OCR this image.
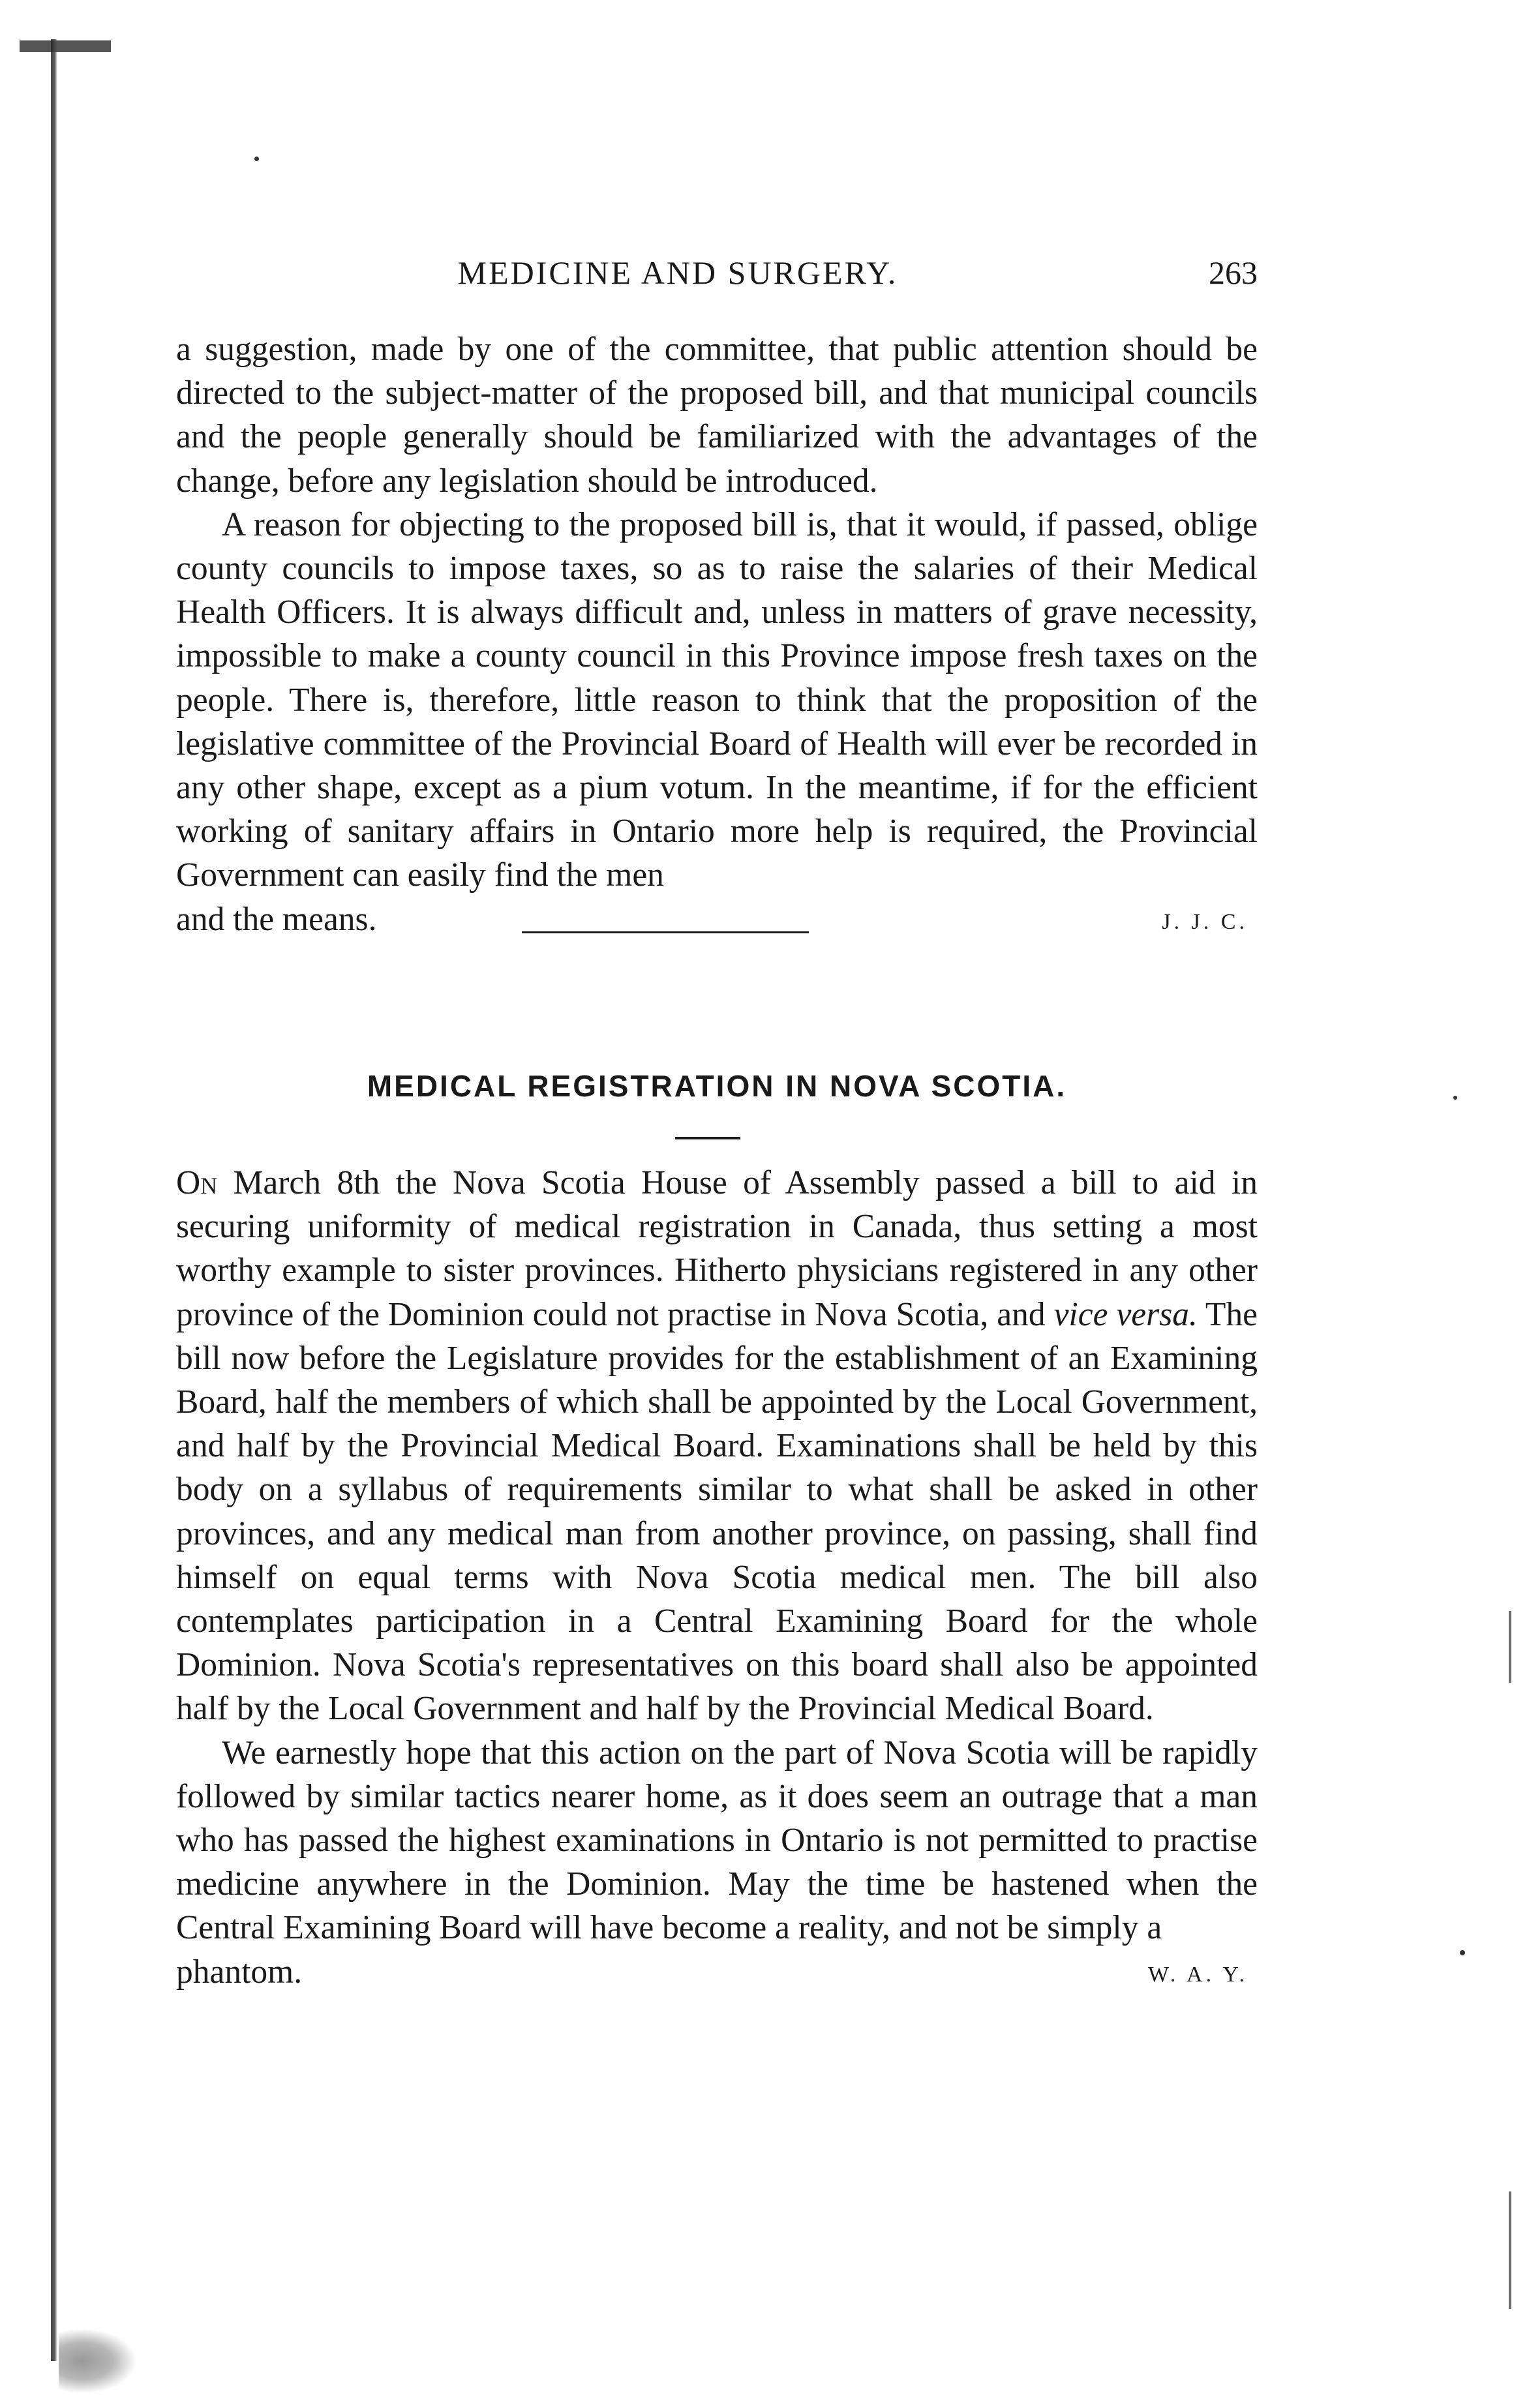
MEDICINE AND SURGERY.	263

a suggestion, made by one of the committee, that public attention should be directed to the subject-matter of the proposed bill, and that municipal councils and the people generally should be familiarized with the advantages of the change, before any legislation should be introduced.

A reason for objecting to the proposed bill is, that it would, if passed, oblige county councils to impose taxes, so as to raise the salaries of their Medical Health Officers. It is always difficult and, unless in matters of grave necessity, impossible to make a county council in this Province impose fresh taxes on the people. There is, therefore, little reason to think that the proposition of the legislative committee of the Provincial Board of Health will ever be recorded in any other shape, except as a pium votum. In the meantime, if for the efficient working of sanitary affairs in Ontario more help is required, the Provincial Government can easily find the men

and the means.	J. J. C.
MEDICAL REGISTRATION IN NOVA SCOTIA.

On March 8th the Nova Scotia House of Assembly passed a bill to aid in securing uniformity of medical registration in Canada, thus setting a most worthy example to sister provinces. Hitherto physicians registered in any other province of the Dominion could not practise in Nova Scotia, and vice versa. The bill now before the Legislature provides for the establishment of an Examining Board, half the members of which shall be appointed by the Local Government, and half by the Provincial Medical Board. Examinations shall be held by this body on a syllabus of requirements similar to what shall be asked in other provinces, and any medical man from another province, on passing, shall find himself on equal terms with Nova Scotia medical men. The bill also contemplates participation in a Central Examining Board for the whole Dominion. Nova Scotia's representatives on this board shall also be appointed half by the Local Government and half by the Provincial Medical Board.

We earnestly hope that this action on the part of Nova Scotia will be rapidly followed by similar tactics nearer home, as it does seem an outrage that a man who has passed the highest examinations in Ontario is not permitted to practise medicine anywhere in the Dominion. May the time be hastened when the Central Examining Board will have become a reality, and not be simply a

phantom.	W. A. Y.
